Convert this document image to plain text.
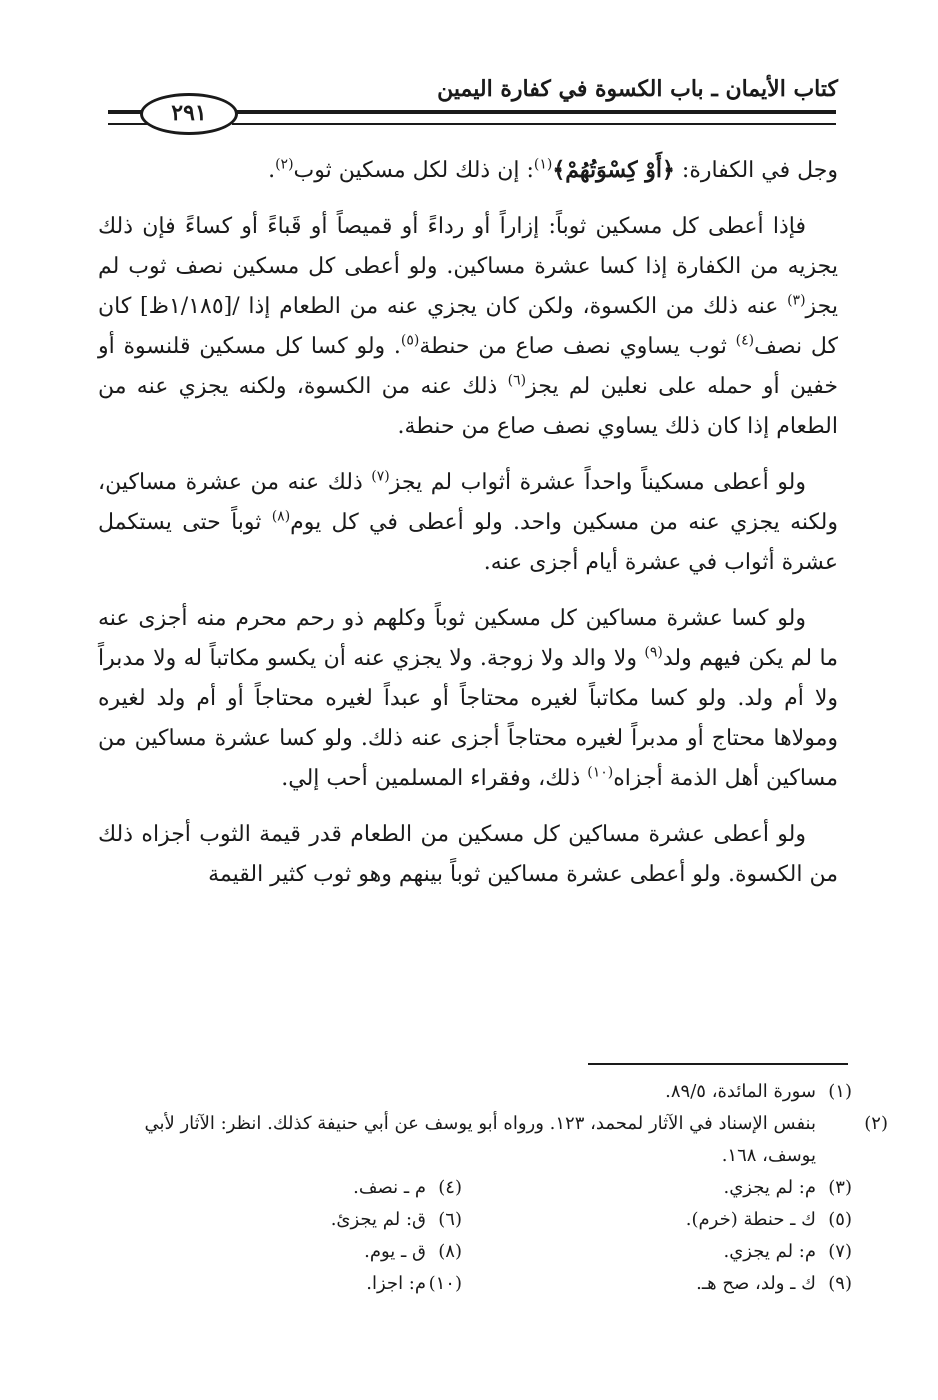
كتاب الأيمان ـ باب الكسوة في كفارة اليمين
٢٩١

وجل في الكفارة: ﴿أَوْ كِسْوَتُهُمْ﴾$^{(١)}$: إن ذلك لكل مسكين ثوب$^{(٢)}$.

فإذا أعطى كل مسكين ثوباً: إزاراً أو رداءً أو قميصاً أو قَباءً أو كساءً فإن ذلك يجزيه من الكفارة إذا كسا عشرة مساكين. ولو أعطى كل مسكين نصف ثوب لم يجز$^{(٣)}$ عنه ذلك من الكسوة، ولكن كان يجزي عنه من الطعام إذا /[١/١٨٥ظ] كان كل نصف$^{(٤)}$ ثوب يساوي نصف صاع من حنطة$^{(٥)}$. ولو كسا كل مسكين قلنسوة أو خفين أو حمله على نعلين لم يجز$^{(٦)}$ ذلك عنه من الكسوة، ولكنه يجزي عنه من الطعام إذا كان ذلك يساوي نصف صاع من حنطة.

ولو أعطى مسكيناً واحداً عشرة أثواب لم يجز$^{(٧)}$ ذلك عنه من عشرة مساكين، ولكنه يجزي عنه من مسكين واحد. ولو أعطى في كل يوم$^{(٨)}$ ثوباً حتى يستكمل عشرة أثواب في عشرة أيام أجزى عنه.

ولو كسا عشرة مساكين كل مسكين ثوباً وكلهم ذو رحم محرم منه أجزى عنه ما لم يكن فيهم ولد$^{(٩)}$ ولا والد ولا زوجة. ولا يجزي عنه أن يكسو مكاتباً له ولا مدبراً ولا أم ولد. ولو كسا مكاتباً لغيره محتاجاً أو عبداً لغيره محتاجاً أو أم ولد لغيره ومولاها محتاج أو مدبراً لغيره محتاجاً أجزى عنه ذلك. ولو كسا عشرة مساكين من مساكين أهل الذمة أجزاه$^{(١٠)}$ ذلك، وفقراء المسلمين أحب إلي.

ولو أعطى عشرة مساكين كل مسكين من الطعام قدر قيمة الثوب أجزاه ذلك من الكسوة. ولو أعطى عشرة مساكين ثوباً بينهم وهو ثوب كثير القيمة

(١)سورة المائدة، ٨٩/٥.
(٢)بنفس الإسناد في الآثار لمحمد، ١٢٣. ورواه أبو يوسف عن أبي حنيفة كذلك. انظر: الآثار لأبي يوسف، ١٦٨.
(٣)م: لم يجزي.
(٤)م ـ نصف.
(٥)ك ـ حنطة (خرم).
(٦)ق: لم يجزئ.
(٧)م: لم يجزي.
(٨)ق ـ يوم.
(٩)ك ـ ولد، صح هـ.
(١٠)م: اجزا.
